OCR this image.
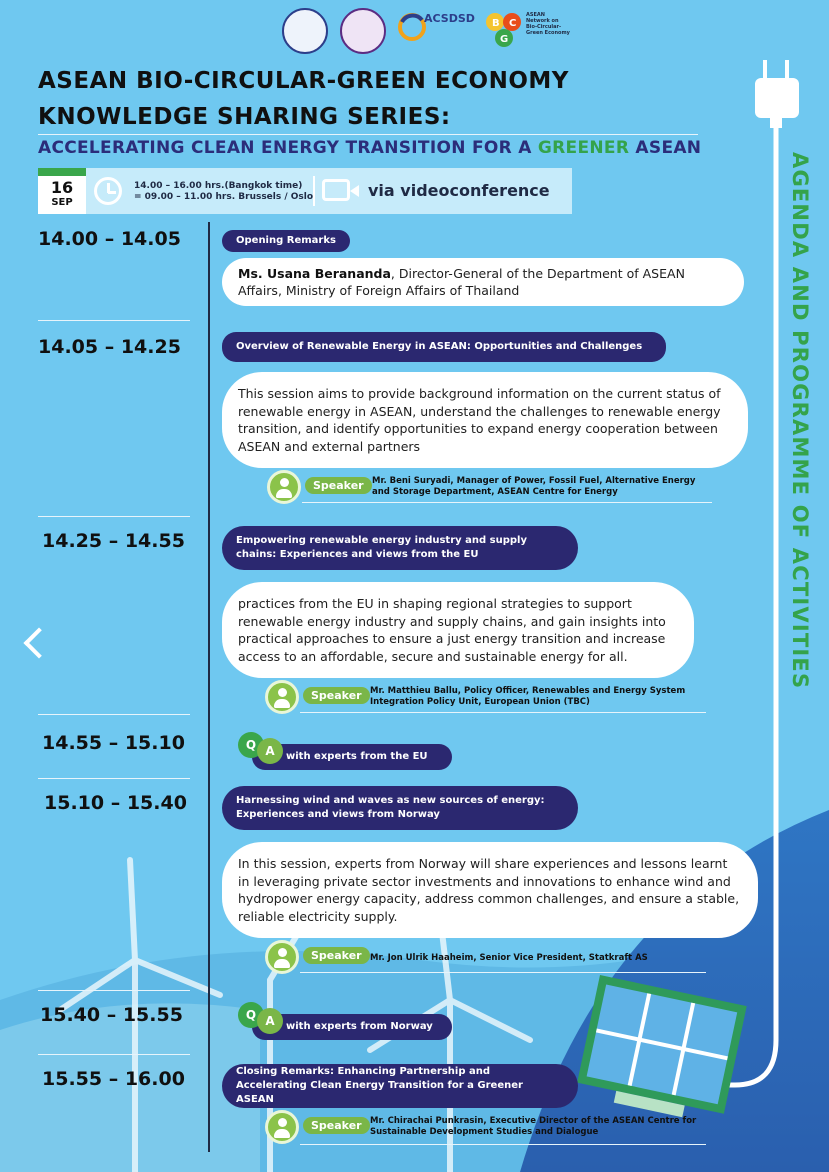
ACSDSD B C
G
ASEAN Network on Bio-Circular-Green Economy
ASEAN BIO-CIRCULAR-GREEN ECONOMY
KNOWLEDGE SHARING SERIES:
ACCELERATING CLEAN ENERGY TRANSITION FOR A GREENER ASEAN
16
SEP
14.00 – 16.00 hrs.(Bangkok time)
= 09.00 – 11.00 hrs. Brussels / Oslo	via videoconference	AGENDA AND PROGRAMME OF ACTIVITIES
14.00 – 14.05	Opening Remarks
Ms. Usana Berananda, Director-General of the Department of ASEAN Affairs, Ministry of Foreign Affairs of Thailand
14.05 – 14.25	Overview of Renewable Energy in ASEAN: Opportunities and Challenges
This session aims to provide background information on the current status of renewable energy in ASEAN, understand the challenges to renewable energy transition, and identify opportunities to expand energy cooperation between ASEAN and external partners
Speaker Mr. Beni Suryadi, Manager of Power, Fossil Fuel, Alternative Energy and Storage Department, ASEAN Centre for Energy
14.25 – 14.55	Empowering renewable energy industry and supply chains: Experiences and views from the EU
practices from the EU in shaping regional strategies to support renewable energy industry and supply chains, and gain insights into practical approaches to ensure a just energy transition and increase access to an affordable, secure and sustainable energy for all.
Speaker Mr. Matthieu Ballu, Policy Officer, Renewables and Energy System Integration Policy Unit, European Union (TBC)
14.55 – 15.10
with experts from the EU
Q A
15.10 – 15.40	Harnessing wind and waves as new sources of energy: Experiences and views from Norway
In this session, experts from Norway will share experiences and lessons learnt in leveraging private sector investments and innovations to enhance wind and hydropower energy capacity, address common challenges, and ensure a stable, reliable electricity supply.
Speaker Mr. Jon Ulrik Haaheim, Senior Vice President, Statkraft AS
15.40 – 15.55
with experts from Norway
Q A
15.55 – 16.00	Closing Remarks: Enhancing Partnership and Accelerating Clean Energy Transition for a Greener ASEAN
Speaker Mr. Chirachai Punkrasin, Executive Director of the ASEAN Centre for Sustainable Development Studies and Dialogue
